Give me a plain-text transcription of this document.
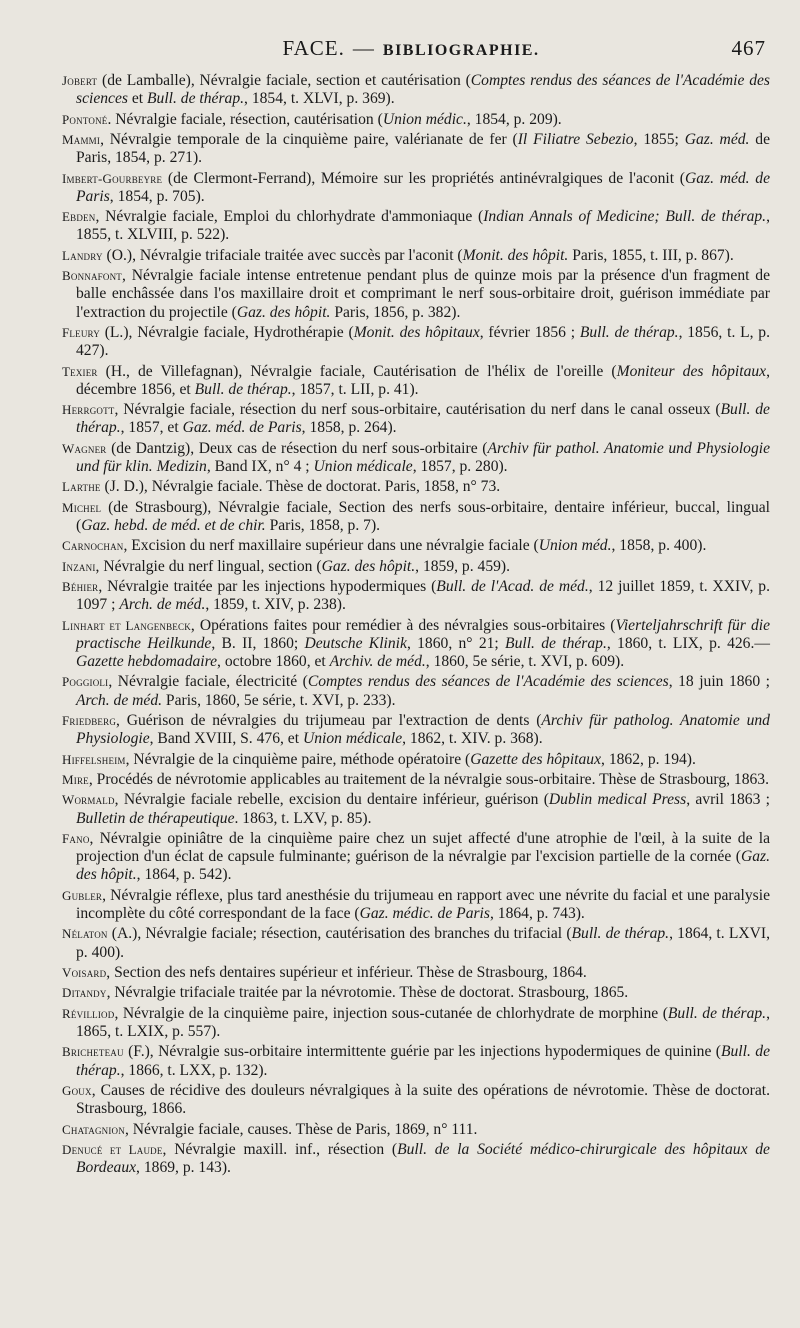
FACE. — BIBLIOGRAPHIE.	467

Jobert (de Lamballe), Névralgie faciale, section et cautérisation (Comptes rendus des séances de l'Académie des sciences et Bull. de thérap., 1854, t. XLVI, p. 369).

Pontoné. Névralgie faciale, résection, cautérisation (Union médic., 1854, p. 209).

Mammi, Névralgie temporale de la cinquième paire, valérianate de fer (Il Filiatre Sebezio, 1855; Gaz. méd. de Paris, 1854, p. 271).

Imbert-Gourbeyre (de Clermont-Ferrand), Mémoire sur les propriétés antinévralgiques de l'aconit (Gaz. méd. de Paris, 1854, p. 705).

Ebden, Névralgie faciale, Emploi du chlorhydrate d'ammoniaque (Indian Annals of Medicine; Bull. de thérap., 1855, t. XLVIII, p. 522).

Landry (O.), Névralgie trifaciale traitée avec succès par l'aconit (Monit. des hôpit. Paris, 1855, t. III, p. 867).

Bonnafont, Névralgie faciale intense entretenue pendant plus de quinze mois par la présence d'un fragment de balle enchâssée dans l'os maxillaire droit et comprimant le nerf sous-orbitaire droit, guérison immédiate par l'extraction du projectile (Gaz. des hôpit. Paris, 1856, p. 382).

Fleury (L.), Névralgie faciale, Hydrothérapie (Monit. des hôpitaux, février 1856 ; Bull. de thérap., 1856, t. L, p. 427).

Texier (H., de Villefagnan), Névralgie faciale, Cautérisation de l'hélix de l'oreille (Moniteur des hôpitaux, décembre 1856, et Bull. de thérap., 1857, t. LII, p. 41).

Herrgott, Névralgie faciale, résection du nerf sous-orbitaire, cautérisation du nerf dans le canal osseux (Bull. de thérap., 1857, et Gaz. méd. de Paris, 1858, p. 264).

Wagner (de Dantzig), Deux cas de résection du nerf sous-orbitaire (Archiv für pathol. Anatomie und Physiologie und für klin. Medizin, Band IX, n° 4 ; Union médicale, 1857, p. 280).

Larthe (J. D.), Névralgie faciale. Thèse de doctorat. Paris, 1858, n° 73.

Michel (de Strasbourg), Névralgie faciale, Section des nerfs sous-orbitaire, dentaire inférieur, buccal, lingual (Gaz. hebd. de méd. et de chir. Paris, 1858, p. 7).

Carnochan, Excision du nerf maxillaire supérieur dans une névralgie faciale (Union méd., 1858, p. 400).

Inzani, Névralgie du nerf lingual, section (Gaz. des hôpit., 1859, p. 459).

Béhier, Névralgie traitée par les injections hypodermiques (Bull. de l'Acad. de méd., 12 juillet 1859, t. XXIV, p. 1097 ; Arch. de méd., 1859, t. XIV, p. 238).

Linhart et Langenbeck, Opérations faites pour remédier à des névralgies sous-orbitaires (Vierteljahrschrift für die practische Heilkunde, B. II, 1860; Deutsche Klinik, 1860, n° 21; Bull. de thérap., 1860, t. LIX, p. 426.— Gazette hebdomadaire, octobre 1860, et Archiv. de méd., 1860, 5e série, t. XVI, p. 609).

Poggioli, Névralgie faciale, électricité (Comptes rendus des séances de l'Académie des sciences, 18 juin 1860 ; Arch. de méd. Paris, 1860, 5e série, t. XVI, p. 233).

Friedberg, Guérison de névralgies du trijumeau par l'extraction de dents (Archiv für patholog. Anatomie und Physiologie, Band XVIII, S. 476, et Union médicale, 1862, t. XIV. p. 368).

Hiffelsheim, Névralgie de la cinquième paire, méthode opératoire (Gazette des hôpitaux, 1862, p. 194).

Mire, Procédés de névrotomie applicables au traitement de la névralgie sous-orbitaire. Thèse de Strasbourg, 1863.

Wormald, Névralgie faciale rebelle, excision du dentaire inférieur, guérison (Dublin medical Press, avril 1863 ; Bulletin de thérapeutique. 1863, t. LXV, p. 85).

Fano, Névralgie opiniâtre de la cinquième paire chez un sujet affecté d'une atrophie de l'œil, à la suite de la projection d'un éclat de capsule fulminante; guérison de la névralgie par l'excision partielle de la cornée (Gaz. des hôpit., 1864, p. 542).

Gubler, Névralgie réflexe, plus tard anesthésie du trijumeau en rapport avec une névrite du facial et une paralysie incomplète du côté correspondant de la face (Gaz. médic. de Paris, 1864, p. 743).

Nélaton (A.), Névralgie faciale; résection, cautérisation des branches du trifacial (Bull. de thérap., 1864, t. LXVI, p. 400).

Voisard, Section des nefs dentaires supérieur et inférieur. Thèse de Strasbourg, 1864.

Ditandy, Névralgie trifaciale traitée par la névrotomie. Thèse de doctorat. Strasbourg, 1865.

Révilliod, Névralgie de la cinquième paire, injection sous-cutanée de chlorhydrate de morphine (Bull. de thérap., 1865, t. LXIX, p. 557).

Bricheteau (F.), Névralgie sus-orbitaire intermittente guérie par les injections hypodermiques de quinine (Bull. de thérap., 1866, t. LXX, p. 132).

Goux, Causes de récidive des douleurs névralgiques à la suite des opérations de névrotomie. Thèse de doctorat. Strasbourg, 1866.

Chatagnion, Névralgie faciale, causes. Thèse de Paris, 1869, n° 111.

Denucé et Laude, Névralgie maxill. inf., résection (Bull. de la Société médico-chirurgicale des hôpitaux de Bordeaux, 1869, p. 143).
